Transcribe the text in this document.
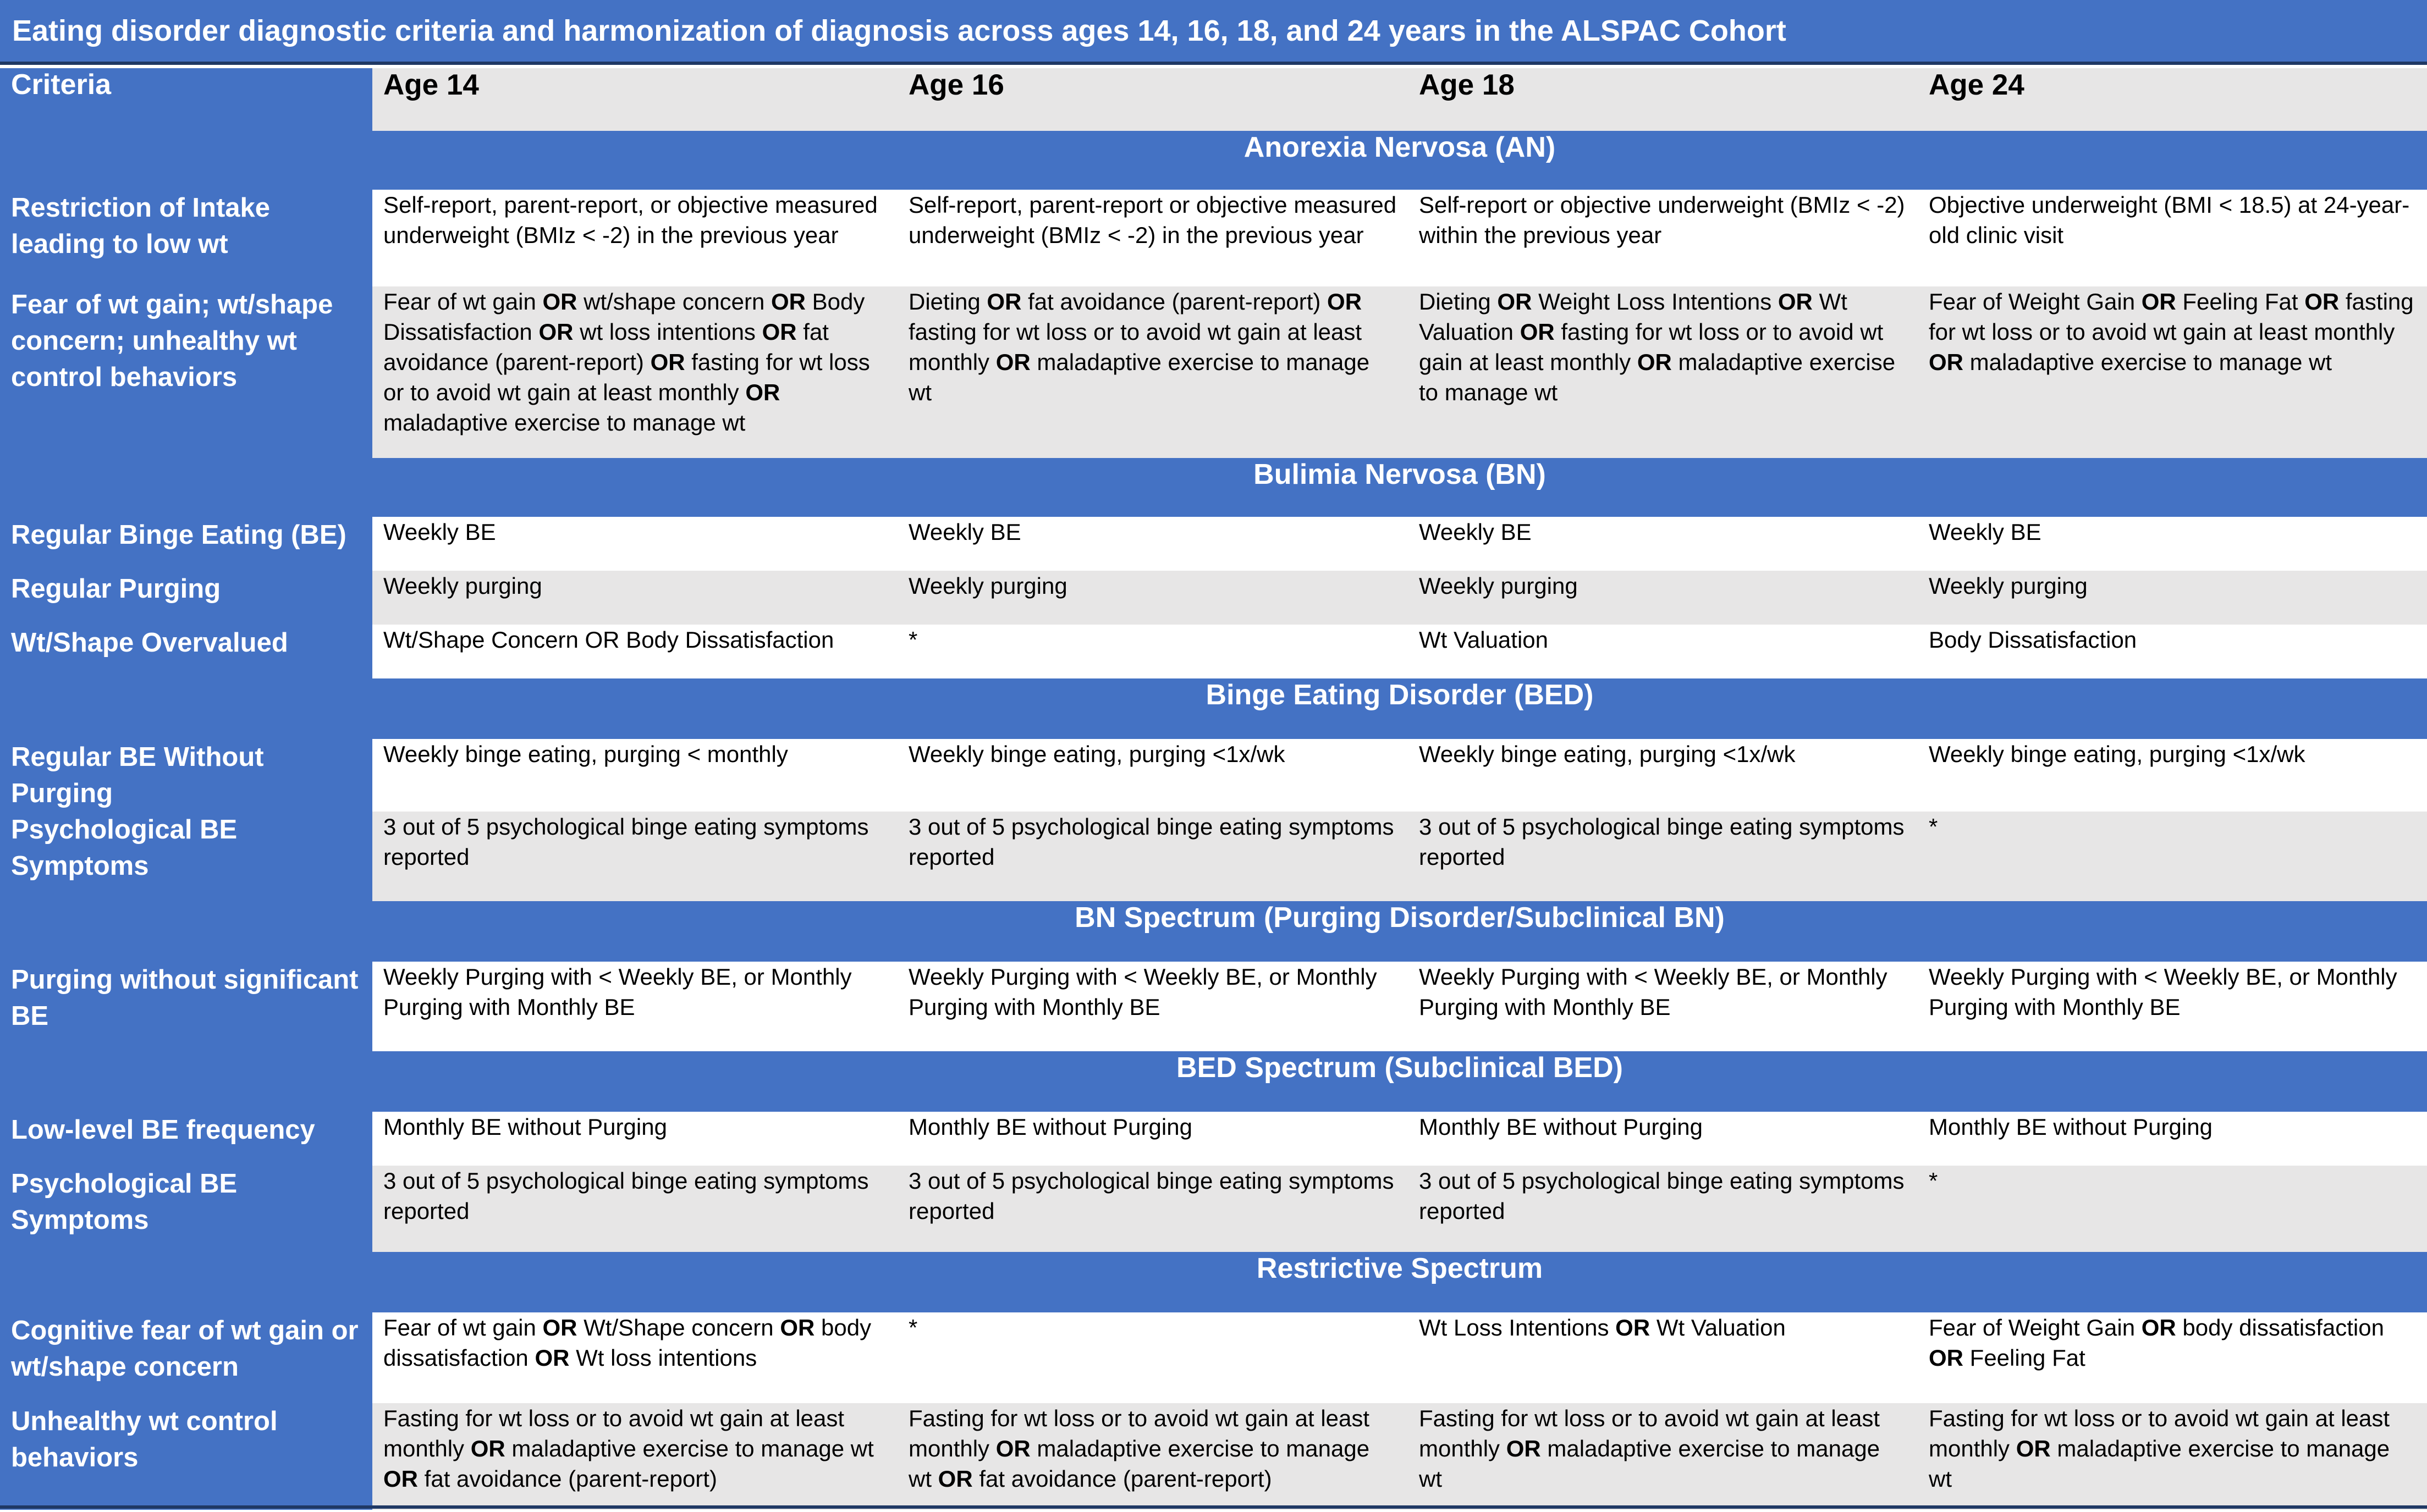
Eating disorder diagnostic criteria and harmonization of diagnosis across ages 14, 16, 18, and 24 years in the ALSPAC Cohort
Criteria	Age 14	Age 16	Age 18	Age 24
	Anorexia Nervosa (AN)			
Restriction of Intake leading to low wt	Self-report, parent-report, or objective measured underweight (BMIz < -2) in the previous year	Self-report, parent-report or objective measured underweight (BMIz < -2) in the previous year	Self-report or objective underweight (BMIz < -2) within the previous year	Objective underweight (BMI < 18.5) at 24-year-old clinic visit
Fear of wt gain; wt/shape concern; unhealthy wt control behaviors	Fear of wt gain OR wt/shape concern OR Body Dissatisfaction OR wt loss intentions OR fat avoidance (parent-report) OR fasting for wt loss or to avoid wt gain at least monthly OR maladaptive exercise to manage wt	Dieting OR fat avoidance (parent-report) OR fasting for wt loss or to avoid wt gain at least monthly OR maladaptive exercise to manage wt	Dieting OR Weight Loss Intentions OR Wt Valuation OR fasting for wt loss or to avoid wt gain at least monthly OR maladaptive exercise to manage wt	Fear of Weight Gain OR Feeling Fat OR fasting for wt loss or to avoid wt gain at least monthly OR maladaptive exercise to manage wt
	Bulimia Nervosa (BN)			
Regular Binge Eating (BE)	Weekly BE	Weekly BE	Weekly BE	Weekly BE
Regular Purging	Weekly purging	Weekly purging	Weekly purging	Weekly purging
Wt/Shape Overvalued	Wt/Shape Concern OR Body Dissatisfaction	*	Wt Valuation	Body Dissatisfaction
	Binge Eating Disorder (BED)			
Regular BE Without Purging	Weekly binge eating, purging < monthly	Weekly binge eating, purging <1x/wk	Weekly binge eating, purging <1x/wk	Weekly binge eating, purging <1x/wk
Psychological BE Symptoms	3 out of 5 psychological binge eating symptoms reported	3 out of 5 psychological binge eating symptoms reported	3 out of 5 psychological binge eating symptoms reported	*
	BN Spectrum (Purging Disorder/Subclinical BN)			
Purging without significant BE	Weekly Purging with < Weekly BE, or Monthly Purging with Monthly BE	Weekly Purging with < Weekly BE, or Monthly Purging with Monthly BE	Weekly Purging with < Weekly BE, or Monthly Purging with Monthly BE	Weekly Purging with < Weekly BE, or Monthly Purging with Monthly BE
	BED Spectrum (Subclinical BED)			
Low-level BE frequency	Monthly BE without Purging	Monthly BE without Purging	Monthly BE without Purging	Monthly BE without Purging
Psychological BE Symptoms	3 out of 5 psychological binge eating symptoms reported	3 out of 5 psychological binge eating symptoms reported	3 out of 5 psychological binge eating symptoms reported	*
	Restrictive Spectrum			
Cognitive fear of wt gain or wt/shape concern	Fear of wt gain OR Wt/Shape concern OR body dissatisfaction OR Wt loss intentions	*	Wt Loss Intentions OR Wt Valuation	Fear of Weight Gain OR body dissatisfaction OR Feeling Fat
Unhealthy wt control behaviors	Fasting for wt loss or to avoid wt gain at least monthly OR maladaptive exercise to manage wt OR fat avoidance (parent-report)	Fasting for wt loss or to avoid wt gain at least monthly OR maladaptive exercise to manage wt OR fat avoidance (parent-report)	Fasting for wt loss or to avoid wt gain at least monthly OR maladaptive exercise to manage wt	Fasting for wt loss or to avoid wt gain at least monthly OR maladaptive exercise to manage wt
